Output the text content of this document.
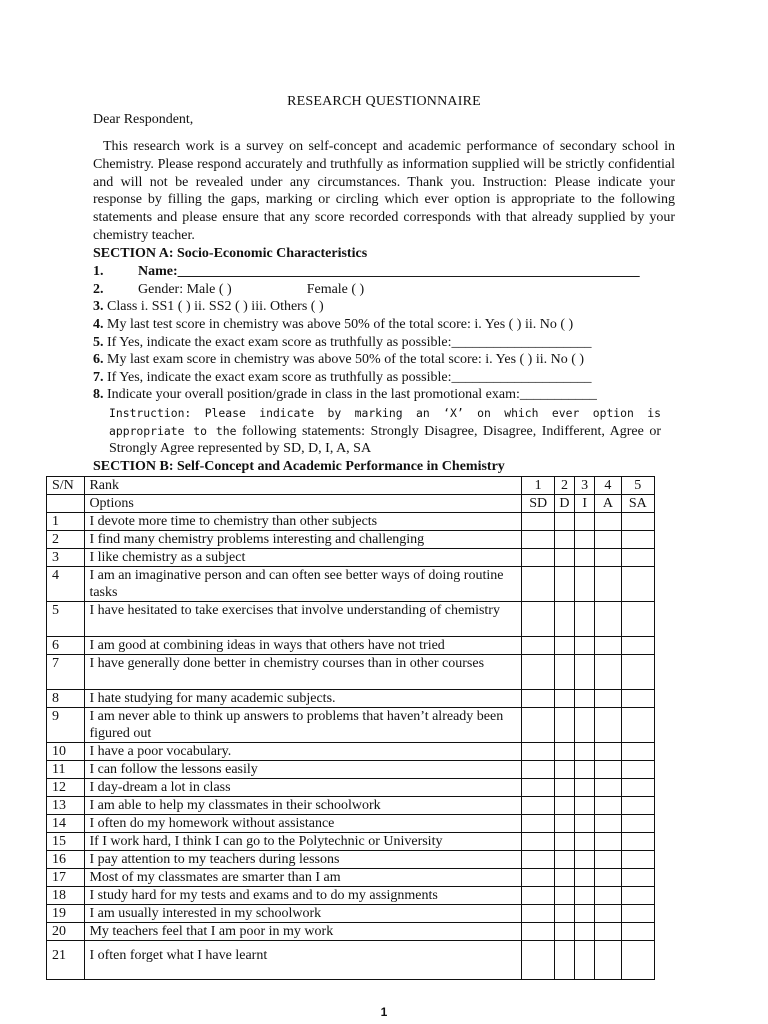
RESEARCH QUESTIONNAIRE
Dear Respondent,
This research work is a survey on self-concept and academic performance of secondary school in Chemistry. Please respond accurately and truthfully as information supplied will be strictly confidential and will not be revealed under any circumstances. Thank you. Instruction: Please indicate your response by filling the gaps, marking or circling which ever option is appropriate to the following statements and please ensure that any score recorded corresponds with that already supplied by your chemistry teacher.
SECTION A: Socio-Economic Characteristics
1. Name:__________________________________________________________________
2. Gender: Male ( )	Female ( )
3. Class i. SS1 ( ) ii. SS2 ( ) iii. Others ( )
4. My last test score in chemistry was above 50% of the total score: i. Yes ( ) ii. No ( )
5. If Yes, indicate the exact exam score as truthfully as possible:____________________
6. My last exam score in chemistry was above 50% of the total score: i. Yes ( ) ii. No ( )
7. If Yes, indicate the exact exam score as truthfully as possible:____________________
8. Indicate your overall position/grade in class in the last promotional exam:___________
Instruction: Please indicate by marking an ‘X’ on which ever option is appropriate to the following statements: Strongly Disagree, Disagree, Indifferent, Agree or Strongly Agree represented by SD, D, I, A, SA
SECTION B: Self-Concept and Academic Performance in Chemistry
S/N	Rank	1	2	3	4	5
	Options	SD	D	I	A	SA
1	I devote more time to chemistry than other subjects					
2	I find many chemistry problems interesting and challenging					
3	I like chemistry as a subject					
4	I am an imaginative person and can often see better ways of doing routine tasks					
5	I have hesitated to take exercises that involve understanding of chemistry					
6	I am good at combining ideas in ways that others have not tried					
7	I have generally done better in chemistry courses than in other courses					
8	I hate studying for many academic subjects.					
9	I am never able to think up answers to problems that haven’t already been figured out					
10	I have a poor vocabulary.					
11	I can follow the lessons easily					
12	I day-dream a lot in class					
13	I am able to help my classmates in their schoolwork					
14	I often do my homework without assistance					
15	If I work hard, I think I can go to the Polytechnic or University					
16	I pay attention to my teachers during lessons					
17	Most of my classmates are smarter than I am					
18	I study hard for my tests and exams and to do my assignments					
19	I am usually interested in my schoolwork					
20	My teachers feel that I am poor in my work					
21	I often forget what I have learnt					
1
